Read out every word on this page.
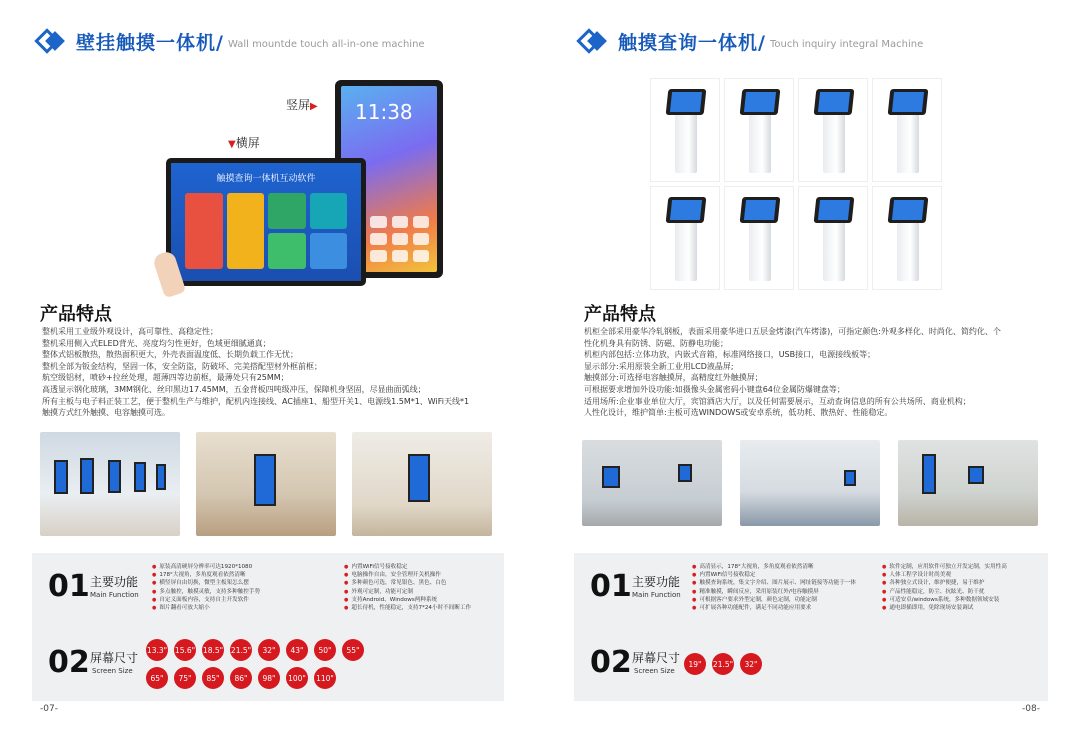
壁挂触摸一体机/ Wall mountde touch all-in-one machine
11:38
竖屏▶
▼横屏
触摸查询一体机互动软件
产品特点

整机采用工业级外观设计，高可靠性、高稳定性；

整机采用侧入式ELED背光、亮度均匀性更好，色域更细腻通真；

整体式铝板散热，散热面积更大，外壳表面温度低、长期负载工作无忧；

整机全部为钣金结构，坚固一体，安全防盗，防破坏、完美搭配型材外框前框；

航空级铝材，喷砂+拉丝处理，超薄四等边前框，最薄处只有25MM；

高透显示钢化玻璃，3MM钢化、丝印黑边17.45MM，五金背板四吨级冲压，保障机身坚固，尽显曲面弧线；

所有主板与电子料正装工艺，便于整机生产与维护，配机内连接线、AC插座1、船型开关1、电源线1.5M*1、WiFi天线*1

触摸方式红外触摸、电容触摸可选。

01 主要功能
Main Function
● 原装高清硬屏分辨率可达1920*1080
● 178°大视角，多角度观看依然清晰
● 横竖屏自由切换，微型主板架怎么摆
● 多点触控，触摸灵敏，支持多种触控手势
● 自定义面板内容，支持自主开发软件
● 图片翻看可放大缩小
● 内置WiFi信号接收稳定
● 电脑操作自由，安全管理开关机操作
● 多种颜色可选，常见银色、黑色、白色
● 外观可定制，功能可定制
● 支持Android、Windows两种系统
● 超长待机，性能稳定，支持7*24小时不间断工作
02 屏幕尺寸
Screen Size
13.3" 15.6" 18.5" 21.5"	32"	43"	50"	55"
65"	75"	85"	86"	98"	100" 110"
-07-
触摸查询一体机/ Touch inquiry integral Machine
产品特点

机柜全部采用豪华冷轧钢板，表面采用豪华进口五层金烤漆(汽车烤漆)，可指定颜色:外观多样化、时尚化、简约化、个

性化机身具有防锈、防磁、防静电功能；

机柜内部包括:立体功放，内嵌式音箱，标准网络接口，USB接口，电源接线板等；

显示部分:采用原装全新工业用LCD液晶屏;

触摸部分:可选择电容触摸屏，高精度红外触摸屏；

可根据要求增加外设功能:如摄像头金属密码小键盘64位金属防爆键盘等；

适用场所:企业事业单位大厅，宾馆酒店大厅，以及任何需要展示，互动查询信息的所有公共场所、商业机构；

人性化设计，维护简单:主板可选WINDOWS或安卓系统，低功耗、散热好、性能稳定。

01 主要功能
Main Function
● 高清显示，178°大视角，多角度观看依然清晰
● 内置WiFi信号接收稳定
● 触摸查询系统，集文字介绍、图片展示、网址链接等功能于一体
● 精准触摸，瞬间反应，采用原装红外/电容触摸屏
● 可根据客户要求外型定制，颜色定制，功能定制
● 可扩展各种功能配件，满足不同功能应用要求
● 软件定制，应用软件可独立开发定制，实用性高
● 人体工程学设计时尚美观
● 各种独立式设计，维护便捷，易于维护
● 产品性能稳定，防尘、抗眩光、防干扰
● 可适安卓/windows系统，多种数据领域安装
● 通电即插即用，免除现场安装调试
02 屏幕尺寸
Screen Size
19"	21.5"	32"
-08-
